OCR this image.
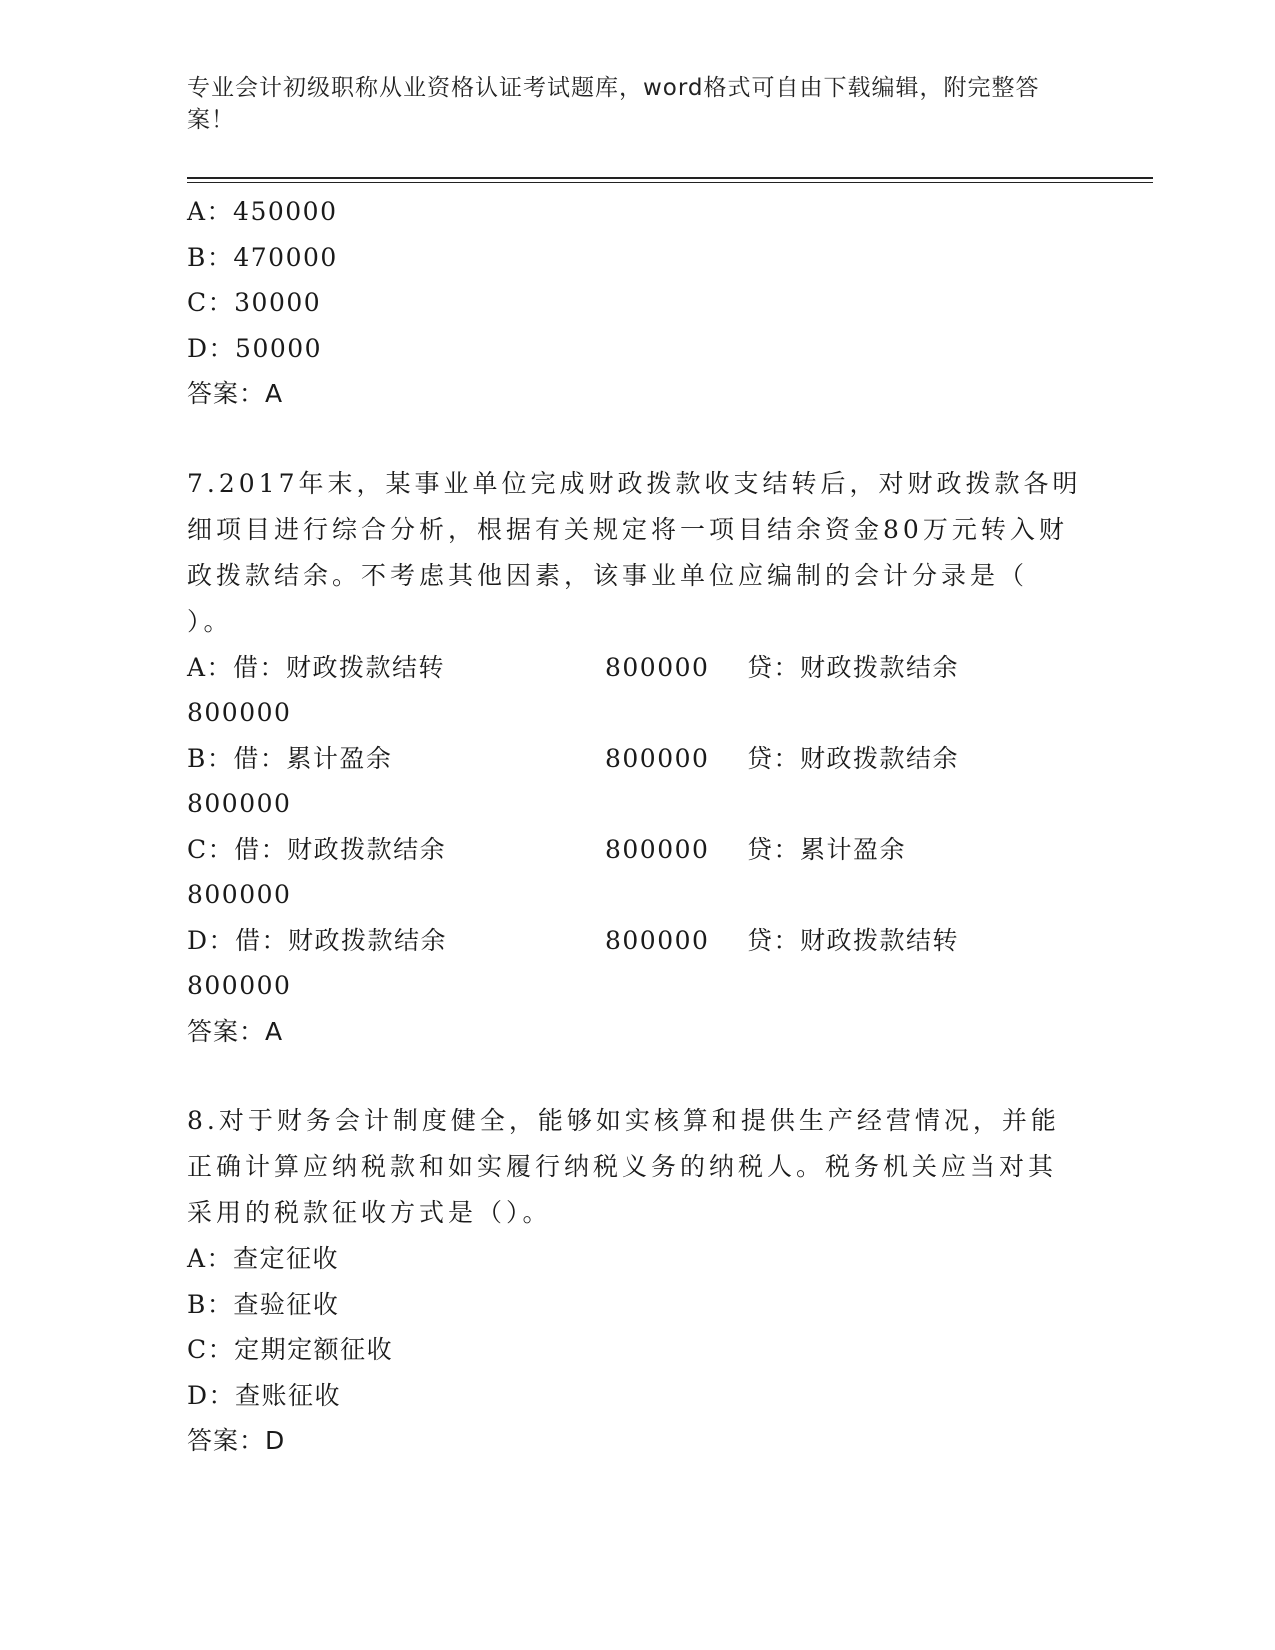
专业会计初级职称从业资格认证考试题库，word格式可自由下载编辑，附完整答
案！
A：450000
B：470000
C：30000
D：50000
答案：A
7.2017年末，某事业单位完成财政拨款收支结转后，对财政拨款各明
细项目进行综合分析，根据有关规定将一项目结余资金80万元转入财
政拨款结余。不考虑其他因素，该事业单位应编制的会计分录是（
）。
A：借：财政拨款结转	800000 贷：财政拨款结余
800000
B：借：累计盈余	800000 贷：财政拨款结余
800000
C：借：财政拨款结余	800000 贷：累计盈余
800000
D：借：财政拨款结余	800000 贷：财政拨款结转
800000
答案：A
8.对于财务会计制度健全，能够如实核算和提供生产经营情况，并能
正确计算应纳税款和如实履行纳税义务的纳税人。税务机关应当对其
采用的税款征收方式是（）。
A：查定征收
B：查验征收
C：定期定额征收
D：查账征收
答案：D
